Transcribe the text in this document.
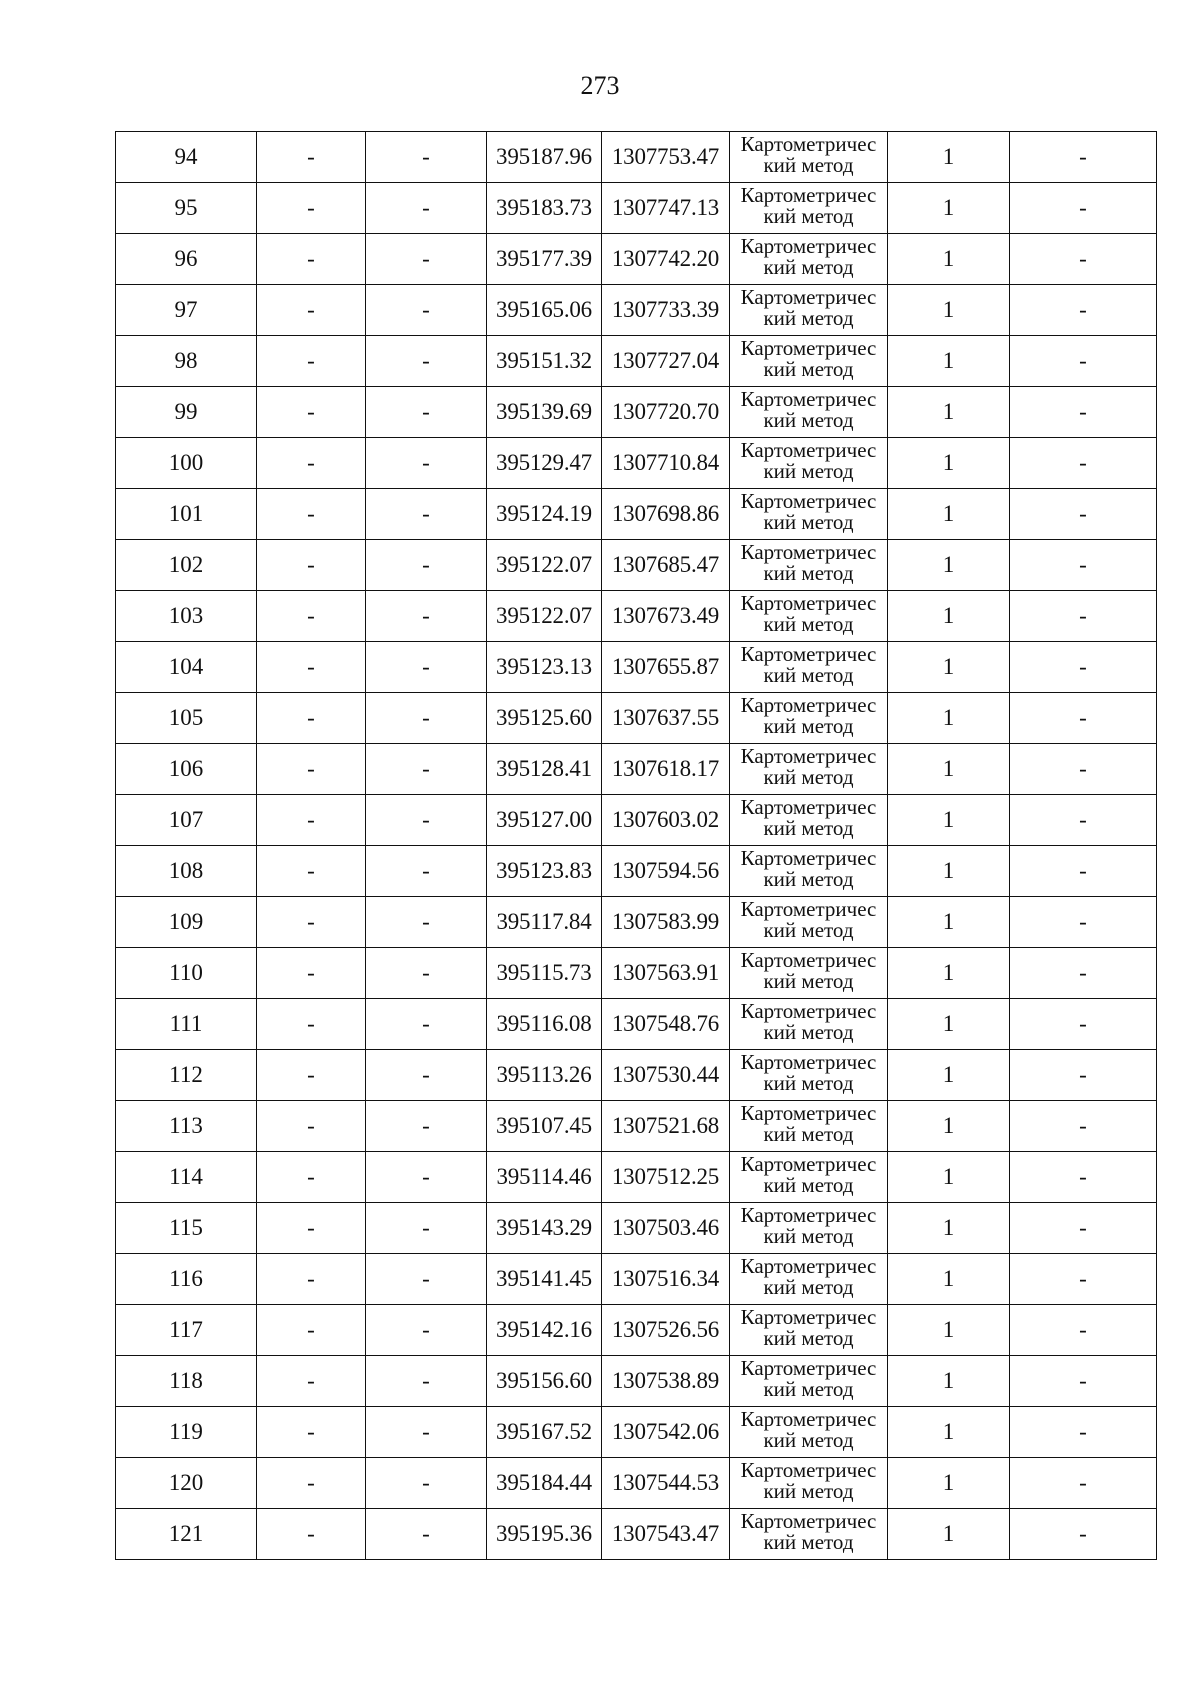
273
94	-	-	395187.96	1307753.47	Картометричес
кий метод	1	-
95	-	-	395183.73	1307747.13	Картометричес
кий метод	1	-
96	-	-	395177.39	1307742.20	Картометричес
кий метод	1	-
97	-	-	395165.06	1307733.39	Картометричес
кий метод	1	-
98	-	-	395151.32	1307727.04	Картометричес
кий метод	1	-
99	-	-	395139.69	1307720.70	Картометричес
кий метод	1	-
100	-	-	395129.47	1307710.84	Картометричес
кий метод	1	-
101	-	-	395124.19	1307698.86	Картометричес
кий метод	1	-
102	-	-	395122.07	1307685.47	Картометричес
кий метод	1	-
103	-	-	395122.07	1307673.49	Картометричес
кий метод	1	-
104	-	-	395123.13	1307655.87	Картометричес
кий метод	1	-
105	-	-	395125.60	1307637.55	Картометричес
кий метод	1	-
106	-	-	395128.41	1307618.17	Картометричес
кий метод	1	-
107	-	-	395127.00	1307603.02	Картометричес
кий метод	1	-
108	-	-	395123.83	1307594.56	Картометричес
кий метод	1	-
109	-	-	395117.84	1307583.99	Картометричес
кий метод	1	-
110	-	-	395115.73	1307563.91	Картометричес
кий метод	1	-
111	-	-	395116.08	1307548.76	Картометричес
кий метод	1	-
112	-	-	395113.26	1307530.44	Картометричес
кий метод	1	-
113	-	-	395107.45	1307521.68	Картометричес
кий метод	1	-
114	-	-	395114.46	1307512.25	Картометричес
кий метод	1	-
115	-	-	395143.29	1307503.46	Картометричес
кий метод	1	-
116	-	-	395141.45	1307516.34	Картометричес
кий метод	1	-
117	-	-	395142.16	1307526.56	Картометричес
кий метод	1	-
118	-	-	395156.60	1307538.89	Картометричес
кий метод	1	-
119	-	-	395167.52	1307542.06	Картометричес
кий метод	1	-
120	-	-	395184.44	1307544.53	Картометричес
кий метод	1	-
121	-	-	395195.36	1307543.47	Картометричес
кий метод	1	-
